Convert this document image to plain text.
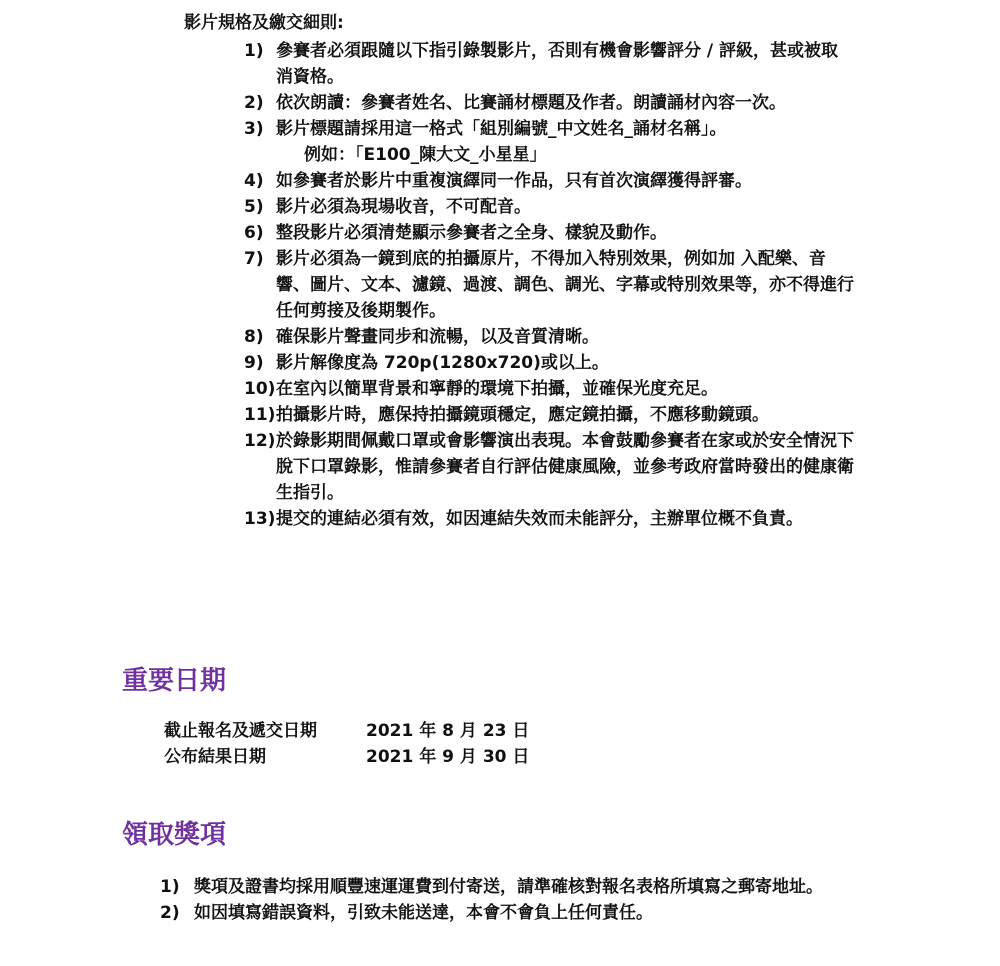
影片規格及繳交細則:
1) 參賽者必須跟隨以下指引錄製影片，否則有機會影響評分 / 評級，甚或被取消資格。
2) 依次朗讀：參賽者姓名、比賽誦材標題及作者。朗讀誦材內容一次。
3) 影片標題請採用這一格式「組別編號_中文姓名_誦材名稱」。
例如：「E100_陳大文_小星星」
4) 如參賽者於影片中重複演繹同一作品，只有首次演繹獲得評審。
5) 影片必須為現場收音，不可配音。
6) 整段影片必須清楚顯示參賽者之全身、樣貌及動作。
7) 影片必須為一鏡到底的拍攝原片，不得加入特別效果，例如加 入配樂、音響、圖片、文本、濾鏡、過渡、調色、調光、字幕或特別效果等，亦不得進行任何剪接及後期製作。
8) 確保影片聲畫同步和流暢，以及音質清晰。
9) 影片解像度為 720p(1280x720)或以上。
10) 在室內以簡單背景和寧靜的環境下拍攝，並確保光度充足。
11) 拍攝影片時，應保持拍攝鏡頭穩定，應定鏡拍攝，不應移動鏡頭。
12) 於錄影期間佩戴口罩或會影響演出表現。本會鼓勵參賽者在家或於安全情況下脫下口罩錄影，惟請參賽者自行評估健康風險，並參考政府當時發出的健康衛生指引。
13) 提交的連結必須有效，如因連結失效而未能評分，主辦單位概不負責。
重要日期
截止報名及遞交日期	2021 年 8 月 23 日
公布結果日期	2021 年 9 月 30 日
領取獎項
1) 獎項及證書均採用順豐速運運費到付寄送，請準確核對報名表格所填寫之郵寄地址。
2) 如因填寫錯誤資料，引致未能送達，本會不會負上任何責任。
